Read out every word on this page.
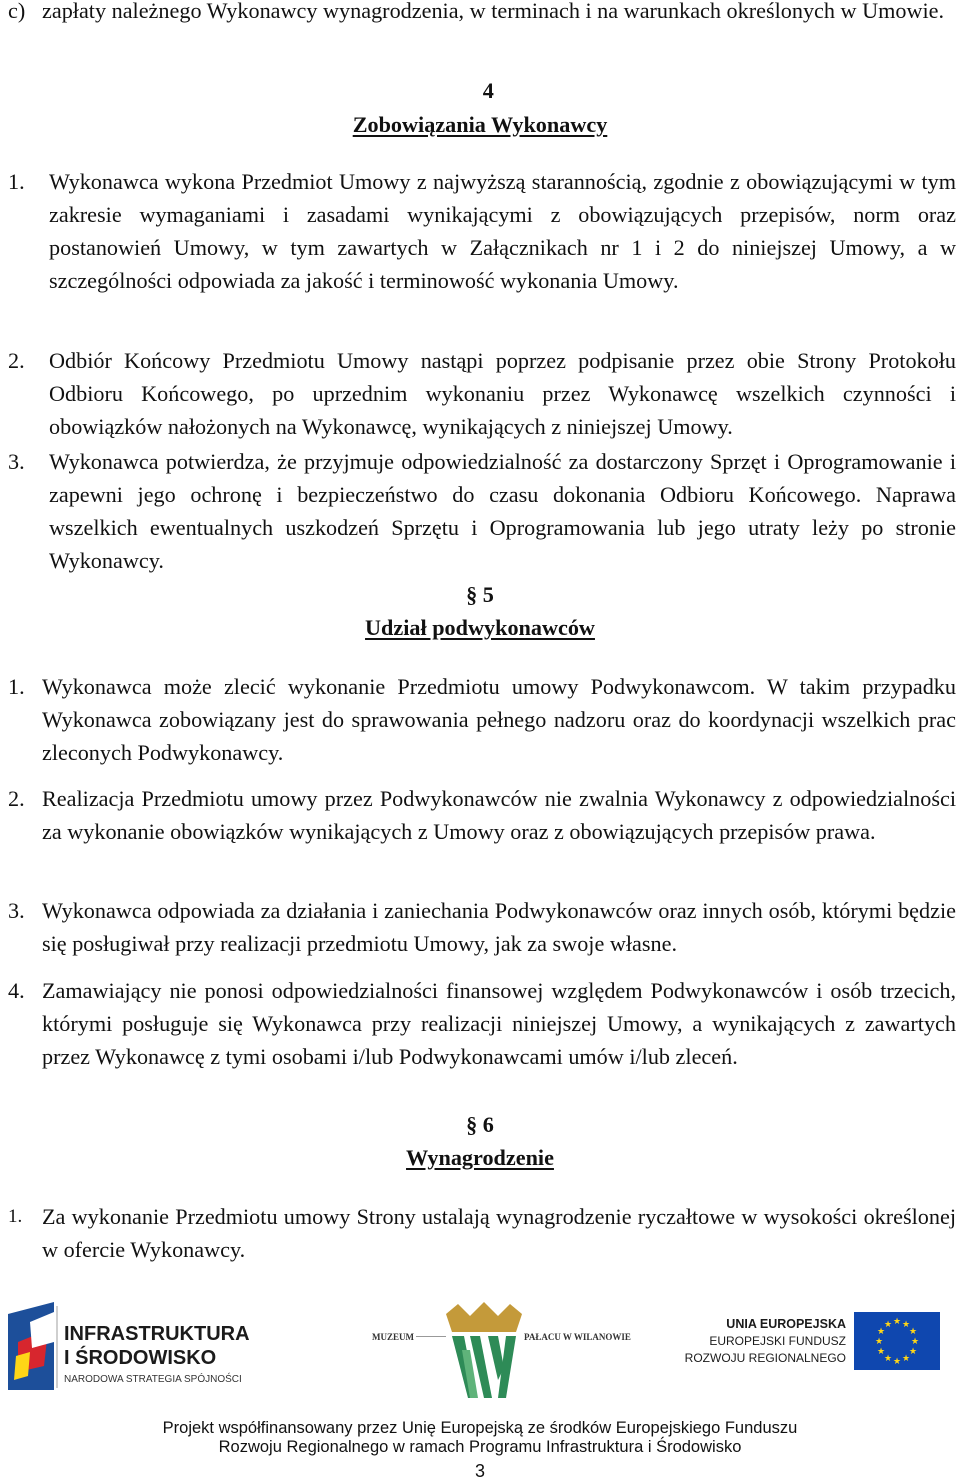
c) zapłaty należnego Wykonawcy wynagrodzenia, w terminach i na warunkach określonych w Umowie.
4
Zobowiązania Wykonawcy
1.	Wykonawca wykona Przedmiot Umowy z najwyższą starannością, zgodnie z obowiązującymi w tym zakresie wymaganiami i zasadami wynikającymi z obowiązujących przepisów, norm oraz postanowień Umowy, w tym zawartych w Załącznikach nr 1 i 2 do niniejszej Umowy, a w szczególności odpowiada za jakość i terminowość wykonania Umowy.
2.	Odbiór Końcowy Przedmiotu Umowy nastąpi poprzez podpisanie przez obie Strony Protokołu Odbioru Końcowego, po uprzednim wykonaniu przez Wykonawcę wszelkich czynności i obowiązków nałożonych na Wykonawcę, wynikających z niniejszej Umowy.
3.	Wykonawca potwierdza, że przyjmuje odpowiedzialność za dostarczony Sprzęt i Oprogramowanie i zapewni jego ochronę i bezpieczeństwo do czasu dokonania Odbioru Końcowego. Naprawa wszelkich ewentualnych uszkodzeń Sprzętu i Oprogramowania lub jego utraty leży po stronie Wykonawcy.
§ 5
Udział podwykonawców
1. Wykonawca może zlecić wykonanie Przedmiotu umowy Podwykonawcom. W takim przypadku Wykonawca zobowiązany jest do sprawowania pełnego nadzoru oraz do koordynacji wszelkich prac zleconych Podwykonawcy.
2. Realizacja Przedmiotu umowy przez Podwykonawców nie zwalnia Wykonawcy z odpowiedzialności za wykonanie obowiązków wynikających z Umowy oraz z obowiązujących przepisów prawa.
3. Wykonawca odpowiada za działania i zaniechania Podwykonawców oraz innych osób, którymi będzie się posługiwał przy realizacji przedmiotu Umowy, jak za swoje własne.
4. Zamawiający nie ponosi odpowiedzialności finansowej względem Podwykonawców i osób trzecich, którymi posługuje się Wykonawca przy realizacji niniejszej Umowy, a wynikających z zawartych przez Wykonawcę z tymi osobami i/lub Podwykonawcami umów i/lub zleceń.
§ 6
Wynagrodzenie
1. Za wykonanie Przedmiotu umowy Strony ustalają wynagrodzenie ryczałtowe w wysokości określonej w ofercie Wykonawcy.
INFRASTRUKTURA
I ŚRODOWISKO
NARODOWA STRATEGIA SPÓJNOŚCI
MUZEUM	PAŁACU W WILANOWIE
UNIA EUROPEJSKA
EUROPEJSKI FUNDUSZ
ROZWOJU REGIONALNEGO
★ ★
★
★
★
★
★
★
★
★
★
★
Projekt współfinansowany przez Unię Europejską ze środków Europejskiego Funduszu
Rozwoju Regionalnego w ramach Programu Infrastruktura i Środowisko
3
